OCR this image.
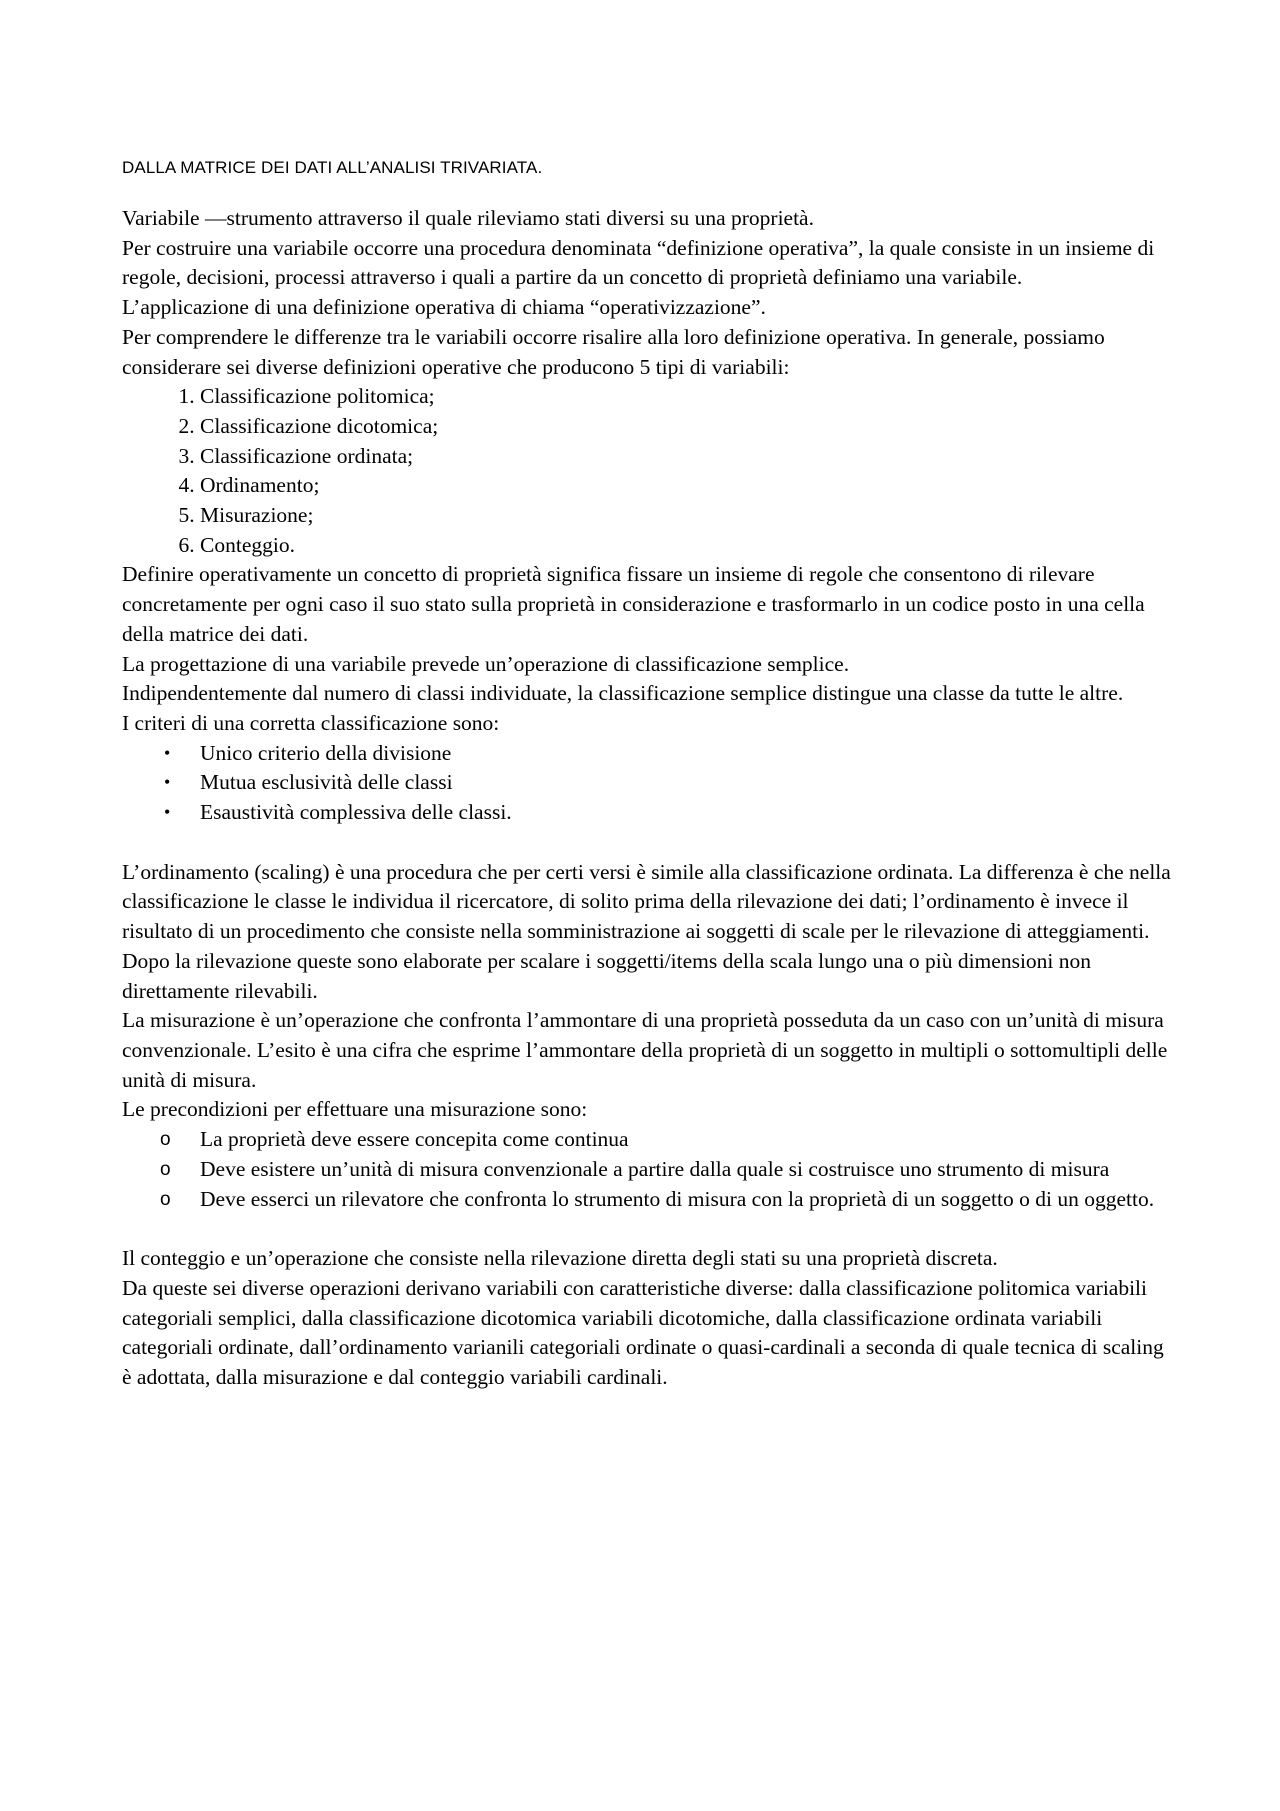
DALLA MATRICE DEI DATI ALL’ANALISI TRIVARIATA.

Variabile —strumento attraverso il quale rileviamo stati diversi su una proprietà.

Per costruire una variabile occorre una procedura denominata “definizione operativa”, la quale consiste in un insieme di regole, decisioni, processi attraverso i quali a partire da un concetto di proprietà definiamo una variabile.

L’applicazione di una definizione operativa di chiama “operativizzazione”.

Per comprendere le differenze tra le variabili occorre risalire alla loro definizione operativa. In generale, possiamo considerare sei diverse definizioni operative che producono 5 tipi di variabili:

1. Classificazione politomica;
2. Classificazione dicotomica;
3. Classificazione ordinata;
4. Ordinamento;
5. Misurazione;
6. Conteggio.

Definire operativamente un concetto di proprietà significa fissare un insieme di regole che consentono di rilevare concretamente per ogni caso il suo stato sulla proprietà in considerazione e trasformarlo in un codice posto in una cella della matrice dei dati.

La progettazione di una variabile prevede un’operazione di classificazione semplice.

Indipendentemente dal numero di classi individuate, la classificazione semplice distingue una classe da tutte le altre.

I criteri di una corretta classificazione sono:

• Unico criterio della divisione
• Mutua esclusività delle classi
• Esaustività complessiva delle classi.

L’ordinamento (scaling) è una procedura che per certi versi è simile alla classificazione ordinata. La differenza è che nella classificazione le classe le individua il ricercatore, di solito prima della rilevazione dei dati; l’ordinamento è invece il risultato di un procedimento che consiste nella somministrazione ai soggetti di scale per le rilevazione di atteggiamenti. Dopo la rilevazione queste sono elaborate per scalare i soggetti/items della scala lungo una o più dimensioni non direttamente rilevabili.

La misurazione è un’operazione che confronta l’ammontare di una proprietà posseduta da un caso con un’unità di misura convenzionale. L’esito è una cifra che esprime l’ammontare della proprietà di un soggetto in multipli o sottomultipli delle unità di misura.

Le precondizioni per effettuare una misurazione sono:

o La proprietà deve essere concepita come continua
o Deve esistere un’unità di misura convenzionale a partire dalla quale si costruisce uno strumento di misura
o Deve esserci un rilevatore che confronta lo strumento di misura con la proprietà di un soggetto o di un oggetto.

Il conteggio e un’operazione che consiste nella rilevazione diretta degli stati su una proprietà discreta.

Da queste sei diverse operazioni derivano variabili con caratteristiche diverse: dalla classificazione politomica variabili categoriali semplici, dalla classificazione dicotomica variabili dicotomiche, dalla classificazione ordinata variabili categoriali ordinate, dall’ordinamento varianili categoriali ordinate o quasi-cardinali a seconda di quale tecnica di scaling è adottata, dalla misurazione e dal conteggio variabili cardinali.
